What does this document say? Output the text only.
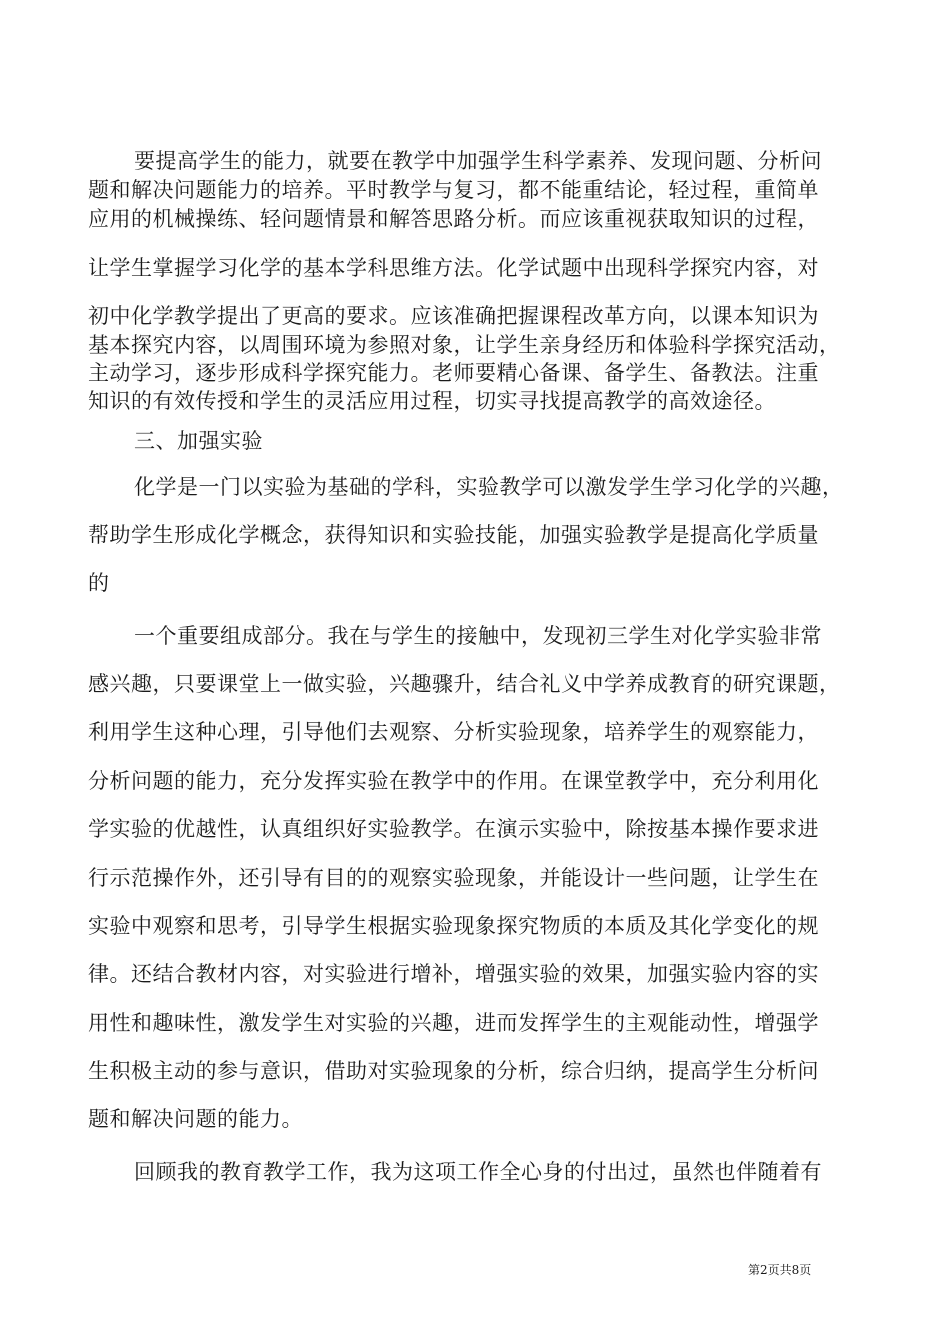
要提高学生的能力，就要在教学中加强学生科学素养、发现问题、分析问
题和解决问题能力的培养。平时教学与复习，都不能重结论，轻过程，重简单
应用的机械操练、轻问题情景和解答思路分析。而应该重视获取知识的过程，
让学生掌握学习化学的基本学科思维方法。化学试题中出现科学探究内容，对
初中化学教学提出了更高的要求。应该准确把握课程改革方向，以课本知识为
基本探究内容，以周围环境为参照对象，让学生亲身经历和体验科学探究活动，
主动学习，逐步形成科学探究能力。老师要精心备课、备学生、备教法。注重
知识的有效传授和学生的灵活应用过程，切实寻找提高教学的高效途径。
三、加强实验
化学是一门以实验为基础的学科，实验教学可以激发学生学习化学的兴趣，
帮助学生形成化学概念，获得知识和实验技能，加强实验教学是提高化学质量
的
一个重要组成部分。我在与学生的接触中，发现初三学生对化学实验非常
感兴趣，只要课堂上一做实验，兴趣骤升，结合礼义中学养成教育的研究课题，
利用学生这种心理，引导他们去观察、分析实验现象，培养学生的观察能力，
分析问题的能力，充分发挥实验在教学中的作用。在课堂教学中，充分利用化
学实验的优越性，认真组织好实验教学。在演示实验中，除按基本操作要求进
行示范操作外，还引导有目的的观察实验现象，并能设计一些问题，让学生在
实验中观察和思考，引导学生根据实验现象探究物质的本质及其化学变化的规
律。还结合教材内容，对实验进行增补，增强实验的效果，加强实验内容的实
用性和趣味性，激发学生对实验的兴趣，进而发挥学生的主观能动性，增强学
生积极主动的参与意识，借助对实验现象的分析，综合归纳，提高学生分析问
题和解决问题的能力。
回顾我的教育教学工作，我为这项工作全心身的付出过，虽然也伴随着有
第2页共8页
